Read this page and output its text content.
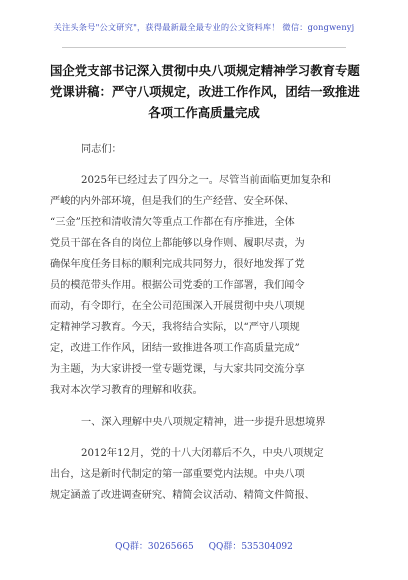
关注头条号"公文研究"，获得最新最全最专业的公文资料库！ 微信：gongwenyj
国企党支部书记深入贯彻中央八项规定精神学习教育专题
党课讲稿：严守八项规定，改进工作作风，团结一致推进
各项工作高质量完成
同志们：
2025年已经过去了四分之一。尽管当前面临更加复杂和
严峻的内外部环境，但是我们的生产经营、安全环保、
“三金”压控和清收清欠等重点工作都在有序推进，全体
党员干部在各自的岗位上都能够以身作则、履职尽责，为
确保年度任务目标的顺利完成共同努力，很好地发挥了党
员的模范带头作用。根据公司党委的工作部署，我们闻令
而动，有令即行，在全公司范围深入开展贯彻中央八项规
定精神学习教育。今天，我将结合实际，以“严守八项规
定，改进工作作风，团结一致推进各项工作高质量完成”
为主题，为大家讲授一堂专题党课，与大家共同交流分享
我对本次学习教育的理解和收获。
一、深入理解中央八项规定精神，进一步提升思想境界
2012年12月，党的十八大闭幕后不久，中央八项规定
出台，这是新时代制定的第一部重要党内法规。中央八项
规定涵盖了改进调查研究、精简会议活动、精简文件简报、
QQ群：30265665 QQ群：535304092
